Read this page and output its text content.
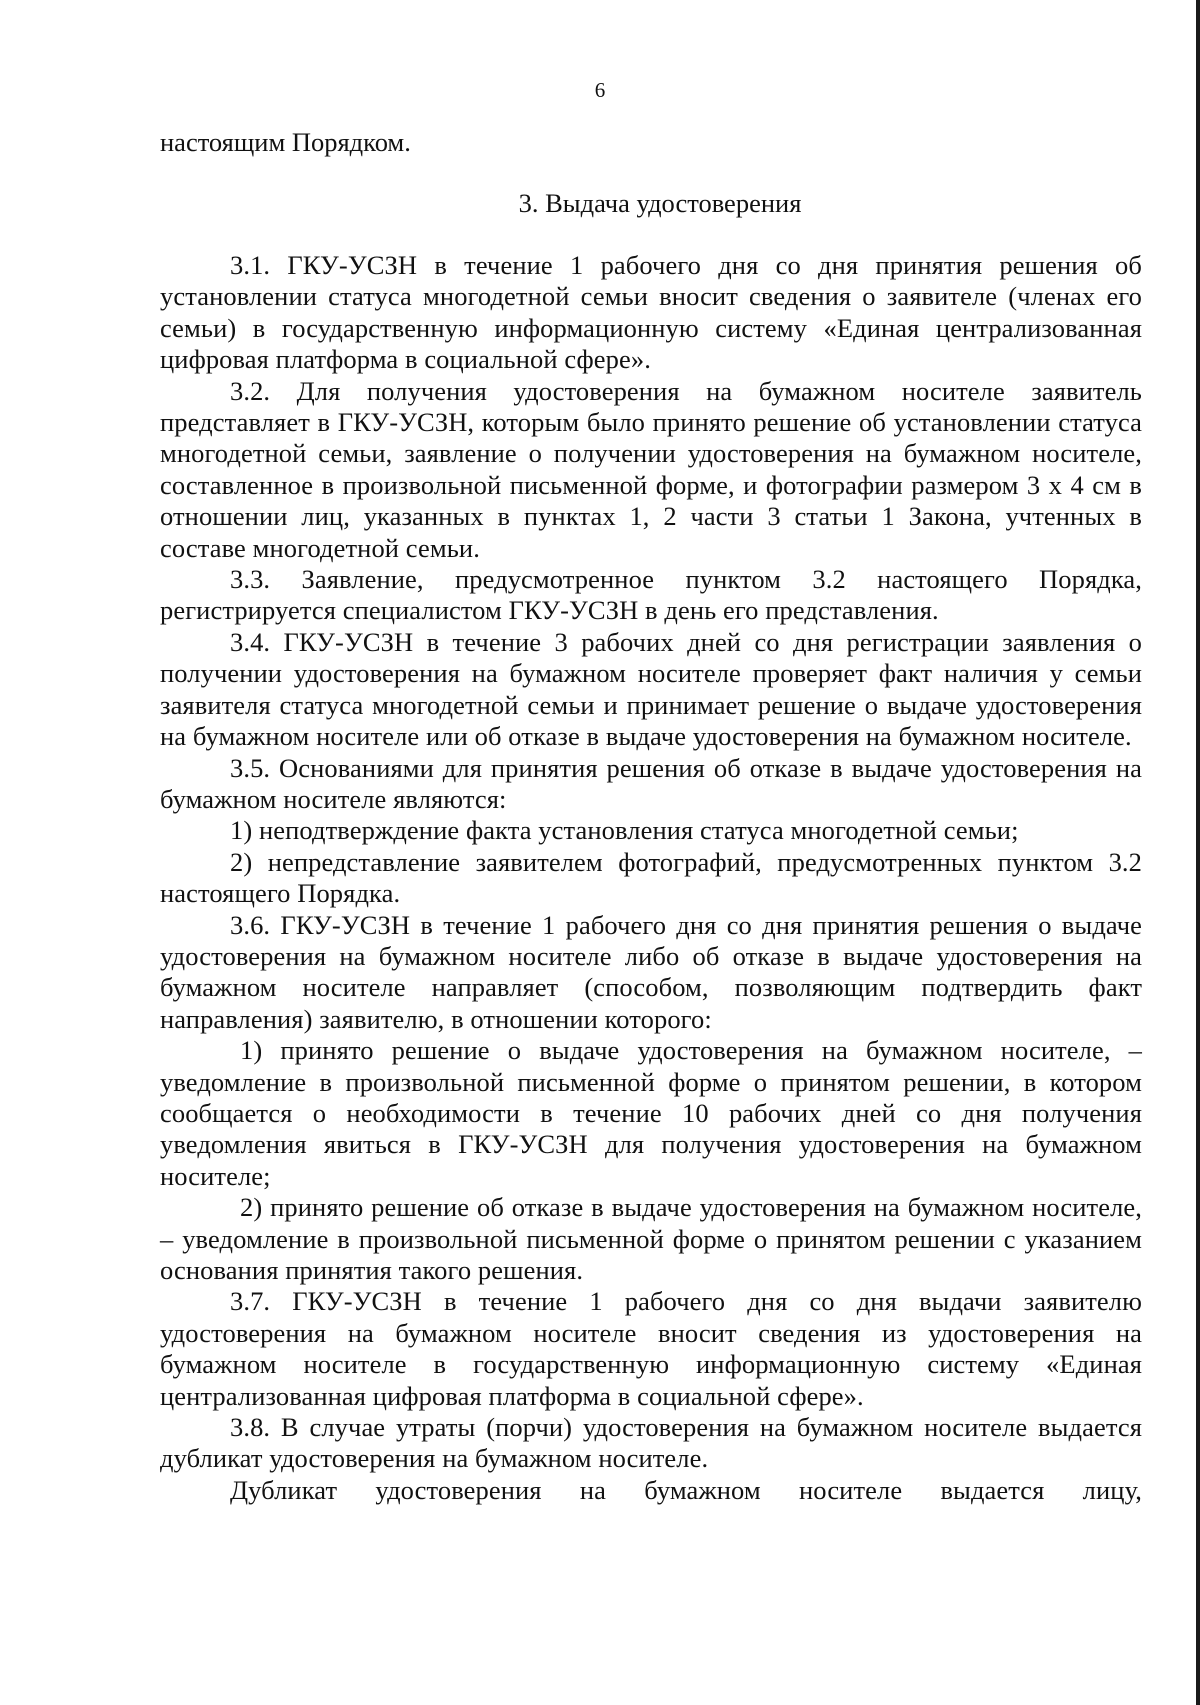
6
настоящим Порядком.
3. Выдача удостоверения

3.1. ГКУ-УСЗН в течение 1 рабочего дня со дня принятия решения об установлении статуса многодетной семьи вносит сведения о заявителе (членах его семьи) в государственную информационную систему «Единая централизованная цифровая платформа в социальной сфере».

3.2. Для получения удостоверения на бумажном носителе заявитель представляет в ГКУ-УСЗН, которым было принято решение об установлении статуса многодетной семьи, заявление о получении удостоверения на бумажном носителе, составленное в произвольной письменной форме, и фотографии размером 3 х 4 см в отношении лиц, указанных в пунктах 1, 2 части 3 статьи 1 Закона, учтенных в составе многодетной семьи.

3.3. Заявление, предусмотренное пунктом 3.2 настоящего Порядка, регистрируется специалистом ГКУ-УСЗН в день его представления.

3.4. ГКУ-УСЗН в течение 3 рабочих дней со дня регистрации заявления о получении удостоверения на бумажном носителе проверяет факт наличия у семьи заявителя статуса многодетной семьи и принимает решение о выдаче удостоверения на бумажном носителе или об отказе в выдаче удостоверения на бумажном носителе.

3.5. Основаниями для принятия решения об отказе в выдаче удостоверения на бумажном носителе являются:

1) неподтверждение факта установления статуса многодетной семьи;

2) непредставление заявителем фотографий, предусмотренных пунктом 3.2 настоящего Порядка.

3.6. ГКУ-УСЗН в течение 1 рабочего дня со дня принятия решения о выдаче удостоверения на бумажном носителе либо об отказе в выдаче удостоверения на бумажном носителе направляет (способом, позволяющим подтвердить факт направления) заявителю, в отношении которого:

1) принято решение о выдаче удостоверения на бумажном носителе, – уведомление в произвольной письменной форме о принятом решении, в котором сообщается о необходимости в течение 10 рабочих дней со дня получения уведомления явиться в ГКУ-УСЗН для получения удостоверения на бумажном носителе;

2) принято решение об отказе в выдаче удостоверения на бумажном носителе, – уведомление в произвольной письменной форме о принятом решении с указанием основания принятия такого решения.

3.7. ГКУ-УСЗН в течение 1 рабочего дня со дня выдачи заявителю удостоверения на бумажном носителе вносит сведения из удостоверения на бумажном носителе в государственную информационную систему «Единая централизованная цифровая платформа в социальной сфере».

3.8. В случае утраты (порчи) удостоверения на бумажном носителе выдается дубликат удостоверения на бумажном носителе.

Дубликат удостоверения на бумажном носителе выдается лицу,
